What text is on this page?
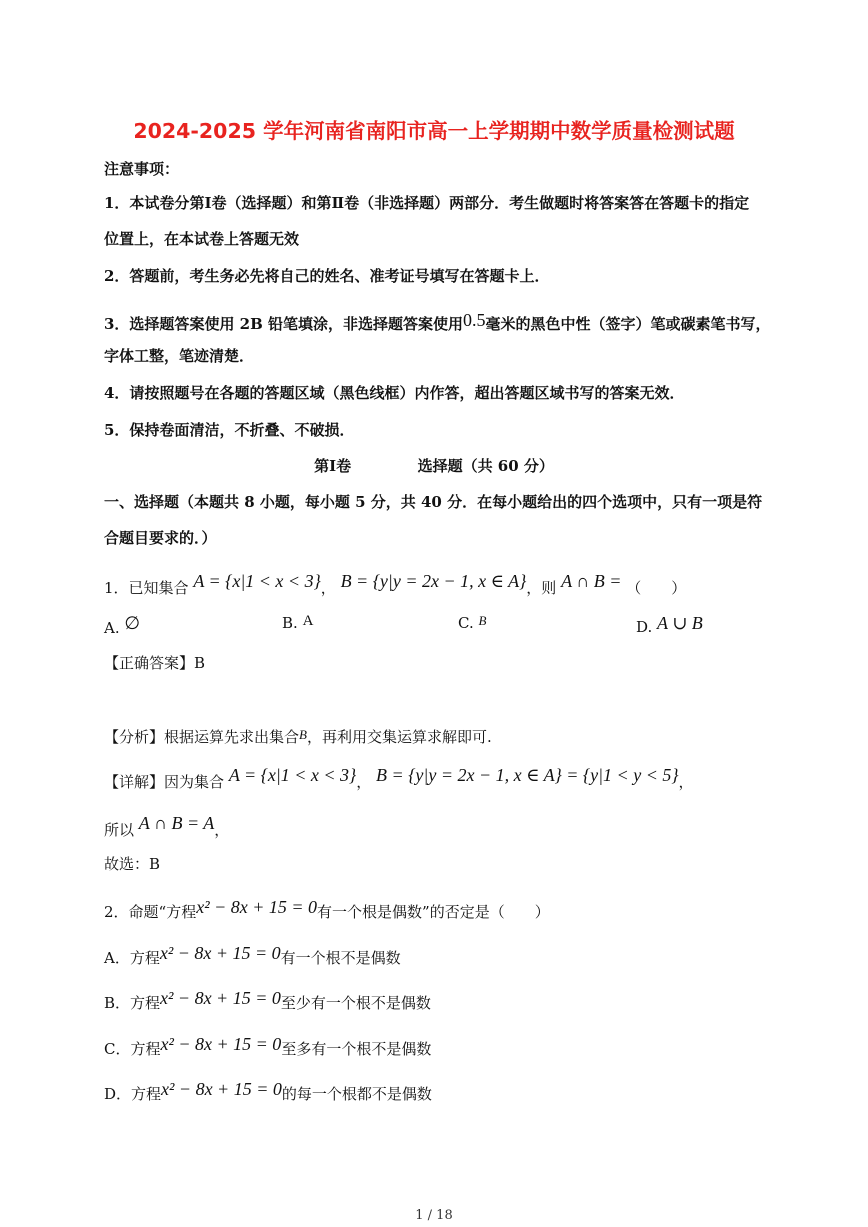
2024-2025 学年河南省南阳市高一上学期期中数学质量检测试题
注意事项：
1．本试卷分第Ⅰ卷（选择题）和第Ⅱ卷（非选择题）两部分．考生做题时将答案答在答题卡的指定
位置上，在本试卷上答题无效
2．答题前，考生务必先将自己的姓名、准考证号填写在答题卡上．
3．选择题答案使用 2B 铅笔填涂，非选择题答案使用0.5毫米的黑色中性（签字）笔或碳素笔书写，
字体工整，笔迹清楚．
4．请按照题号在各题的答题区域（黑色线框）内作答，超出答题区域书写的答案无效．
5．保持卷面清洁，不折叠、不破损．
第Ⅰ卷	选择题（共 60 分）
一、选择题（本题共 8 小题，每小题 5 分，共 40 分．在每小题给出的四个选项中，只有一项是符
合题目要求的．）
1．已知集合 A = {x|1 < x < 3}， B = {y|y = 2x − 1, x ∈ A}，则 A ∩ B = （　　）
A. ∅	B. A	C. B	D. A ∪ B
【正确答案】B
【分析】根据运算先求出集合B，再利用交集运算求解即可.
【详解】因为集合 A = {x|1 < x < 3}， B = {y|y = 2x − 1, x ∈ A} = {y|1 < y < 5}，
所以 A ∩ B = A，
故选：B
2．命题“方程x² − 8x + 15 = 0有一个根是偶数”的否定是（　　）
A．方程x² − 8x + 15 = 0有一个根不是偶数
B．方程x² − 8x + 15 = 0至少有一个根不是偶数
C．方程x² − 8x + 15 = 0至多有一个根不是偶数
D．方程x² − 8x + 15 = 0的每一个根都不是偶数
1 / 18
